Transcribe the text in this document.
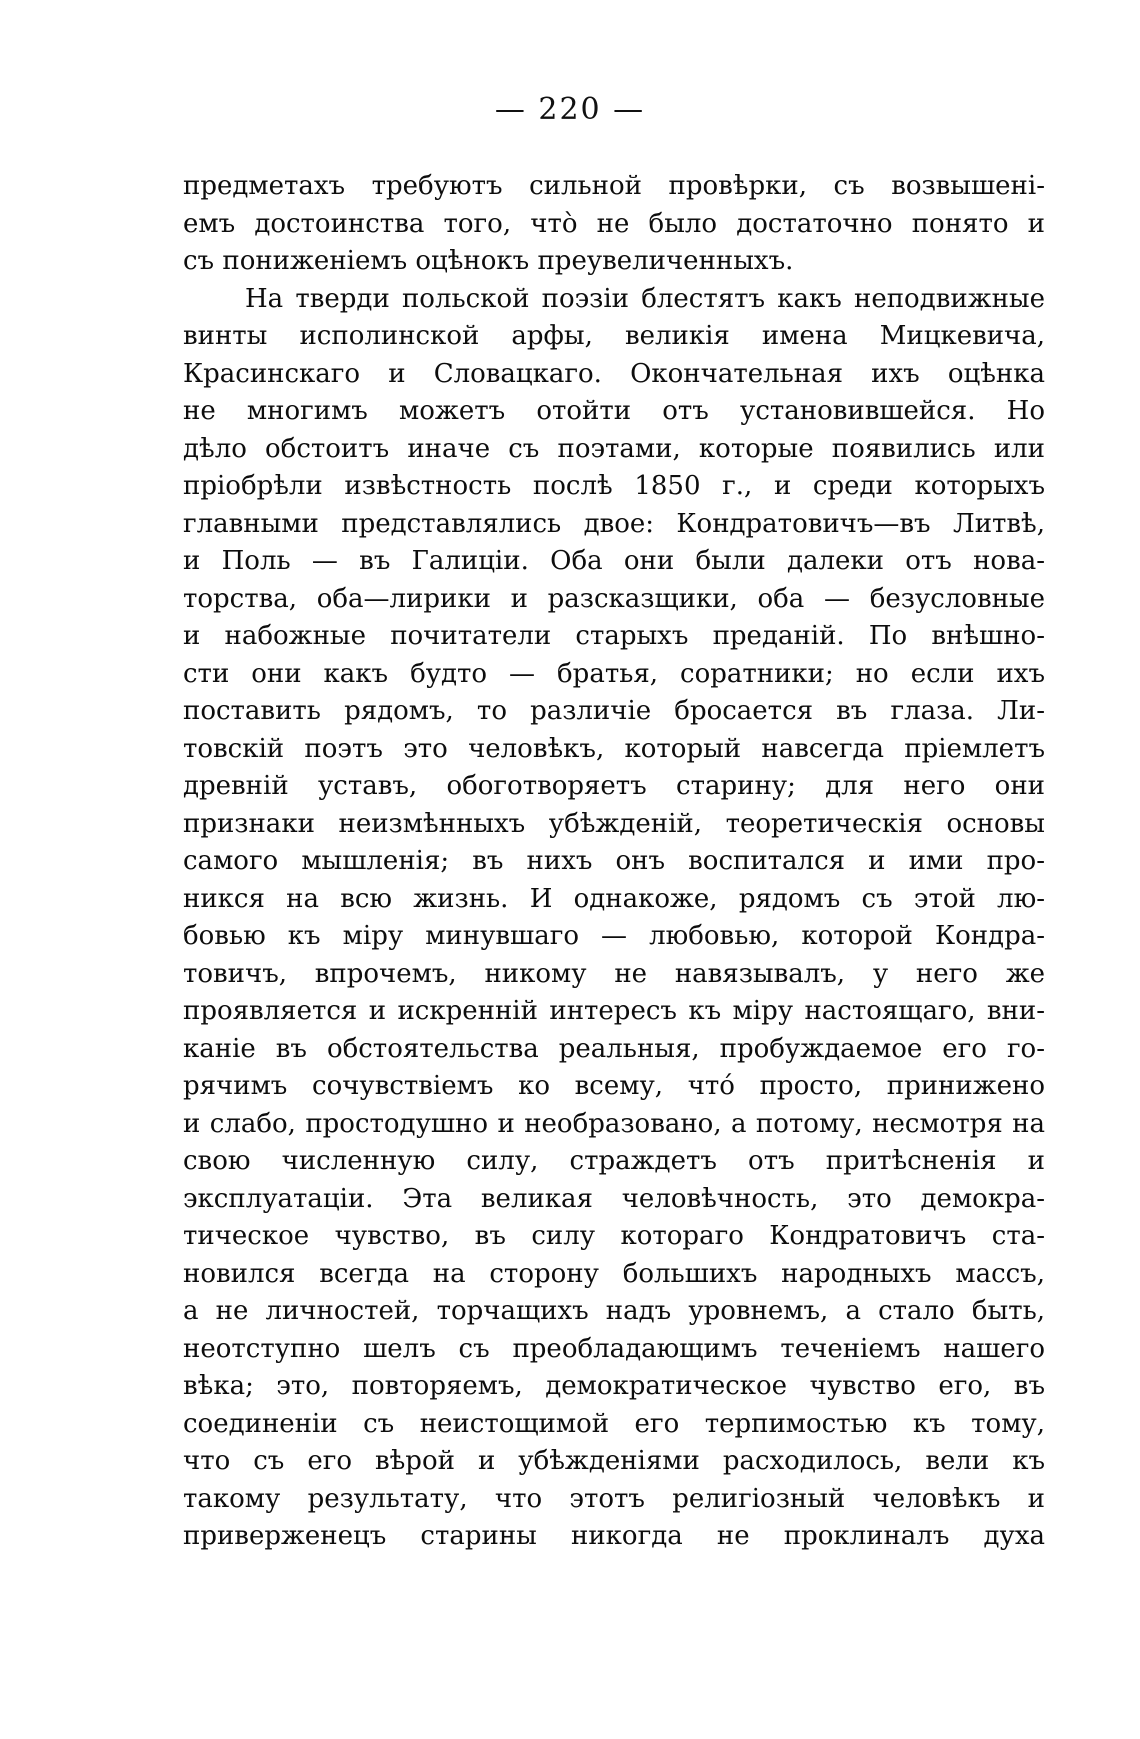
— 220 —
предметахъ требуютъ сильной провѣрки, съ возвышені-
емъ достоинства того, чтò не было достаточно понято и
съ пониженіемъ оцѣнокъ преувеличенныхъ.
На тверди польской поэзіи блестятъ какъ неподвижные
винты исполинской арфы, великія имена Мицкевича,
Красинскаго и Словацкаго. Окончательная ихъ оцѣнка
не многимъ можетъ отойти отъ установившейся. Но
дѣло обстоитъ иначе съ поэтами, которые появились или
пріобрѣли извѣстность послѣ 1850 г., и среди которыхъ
главными представлялись двое: Кондратовичъ—въ Литвѣ,
и Поль — въ Галиціи. Оба они были далеки отъ нова-
торства, оба—лирики и разсказщики, оба — безусловные
и набожные почитатели старыхъ преданій. По внѣшно-
сти они какъ будто — братья, соратники; но если ихъ
поставить рядомъ, то различіе бросается въ глаза. Ли-
товскій поэтъ это человѣкъ, который навсегда пріемлетъ
древній уставъ, обоготворяетъ старину; для него они
признаки неизмѣнныхъ убѣжденій, теоретическія основы
самого мышленія; въ нихъ онъ воспитался и ими про-
никся на всю жизнь. И однакоже, рядомъ съ этой лю-
бовью къ міру минувшаго — любовью, которой Кондра-
товичъ, впрочемъ, никому не навязывалъ, у него же
проявляется и искренній интересъ къ міру настоящаго, вни-
каніе въ обстоятельства реальныя, пробуждаемое его го-
рячимъ сочувствіемъ ко всему, чтó просто, принижено
и слабо, простодушно и необразовано, а потому, несмотря на
свою численную силу, страждетъ отъ притѣсненія и
эксплуатаціи. Эта великая человѣчность, это демокра-
тическое чувство, въ силу котораго Кондратовичъ ста-
новился всегда на сторону большихъ народныхъ массъ,
а не личностей, торчащихъ надъ уровнемъ, а стало быть,
неотступно шелъ съ преобладающимъ теченіемъ нашего
вѣка; это, повторяемъ, демократическое чувство его, въ
соединеніи съ неистощимой его терпимостью къ тому,
что съ его вѣрой и убѣжденіями расходилось, вели къ
такому результату, что этотъ религіозный человѣкъ и
приверженецъ старины никогда не проклиналъ духа
